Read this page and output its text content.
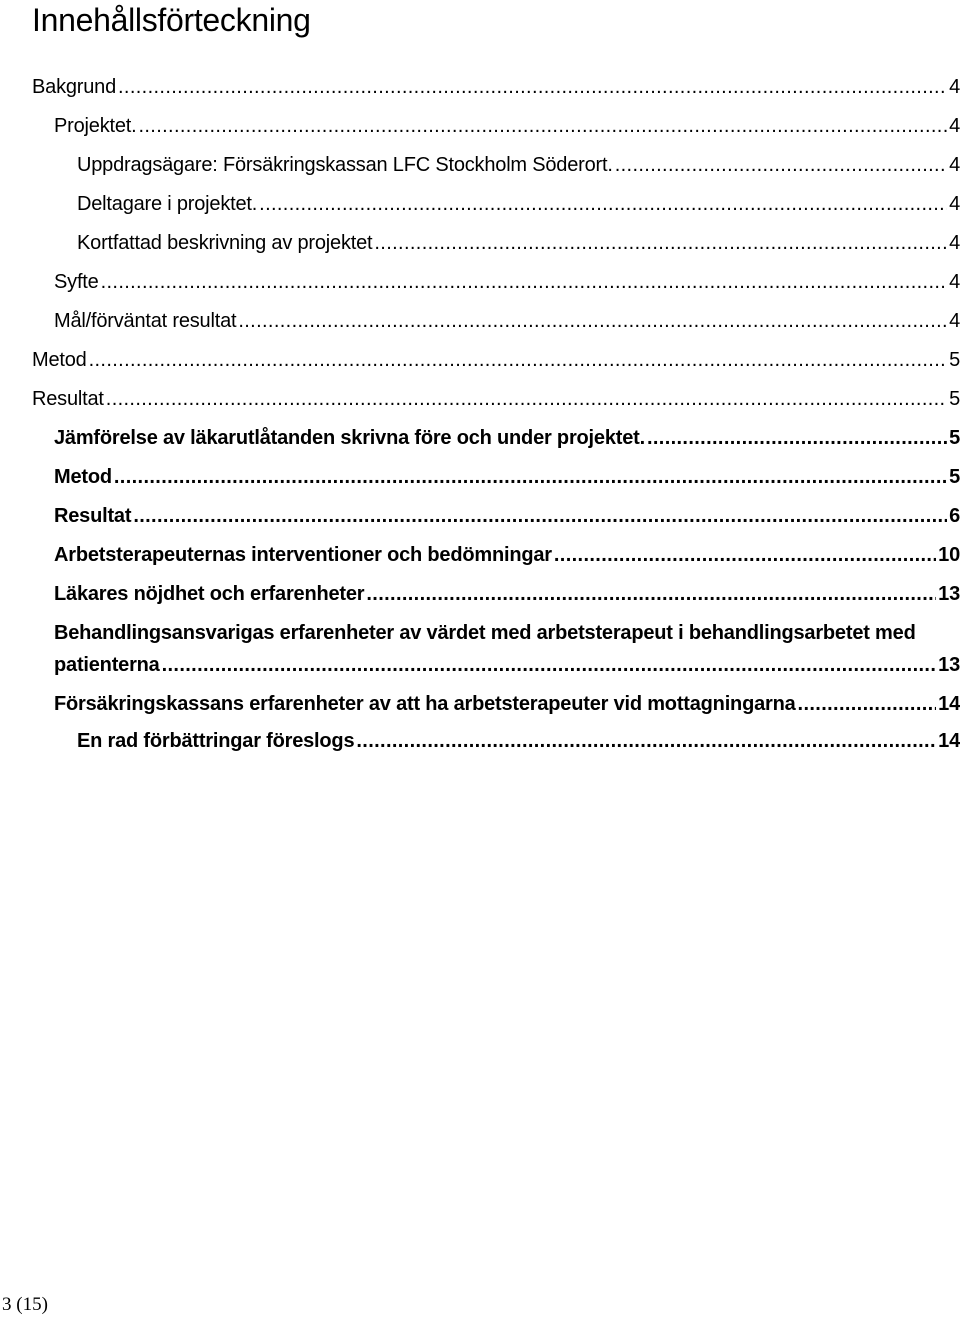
Innehållsförteckning
Bakgrund . . .	4
Projektet. . . .	4
Uppdragsägare: Försäkringskassan LFC Stockholm Söderort. . . .	4
Deltagare i projektet. . . .	4
Kortfattad beskrivning av projektet . . .	4
Syfte . . .	4
Mål/förväntat resultat . . .	4
Metod . . .	5
Resultat . . .	5
Jämförelse av läkarutlåtanden skrivna före och under projektet. . . .	5
Metod . . .	5
Resultat . . .	6
Arbetsterapeuternas interventioner och bedömningar . . .	10
Läkares nöjdhet och erfarenheter . . .	13
Behandlingsansvarigas erfarenheter av värdet med arbetsterapeut i behandlingsarbetet med
patienterna . . .	13
Försäkringskassans erfarenheter av att ha arbetsterapeuter vid mottagningarna . . .	14
En rad förbättringar föreslogs . . .	14
3 (15)
